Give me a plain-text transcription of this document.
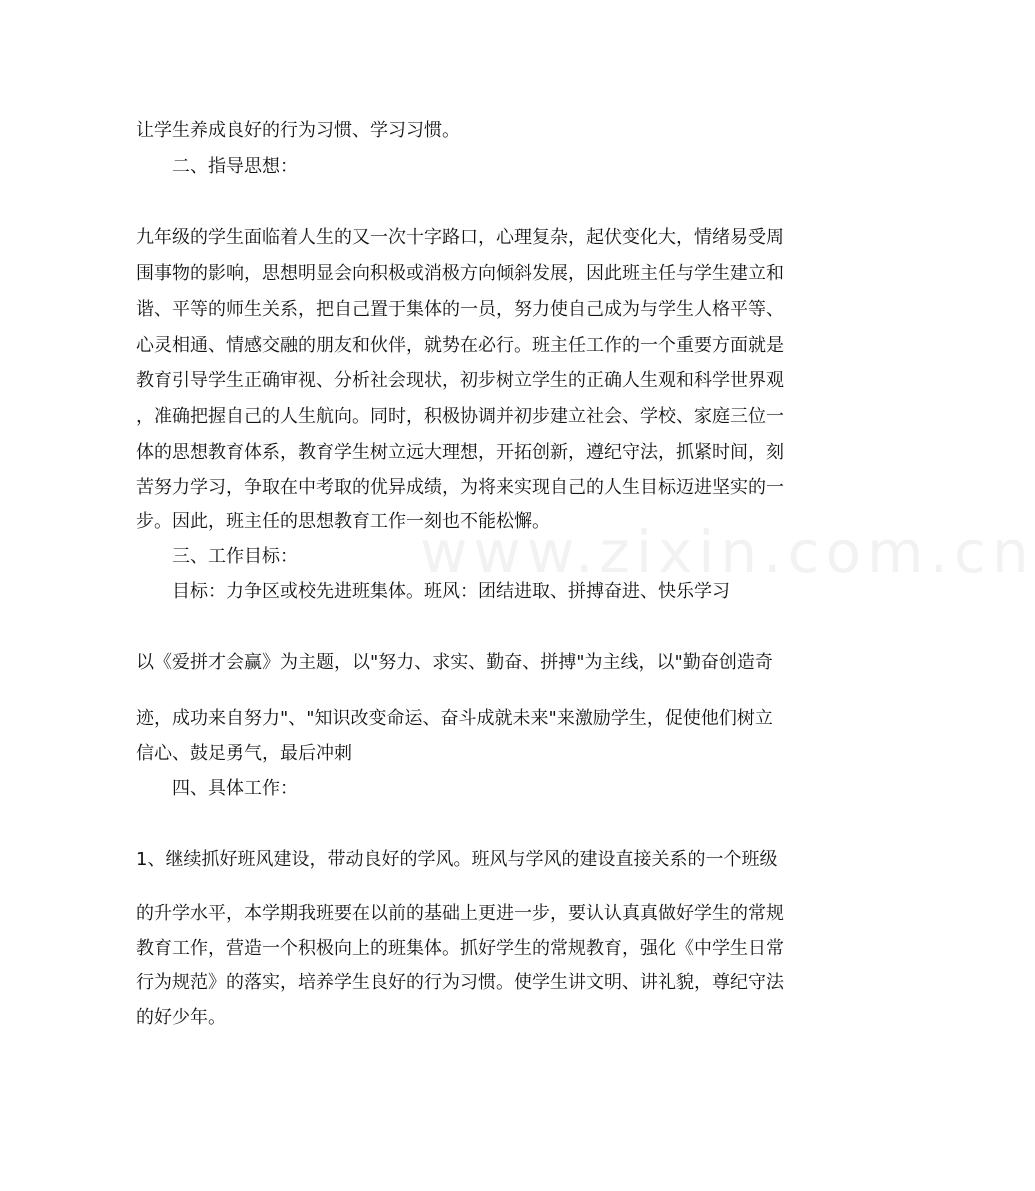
www.zixin.com.cn
让学生养成良好的行为习惯、学习习惯。
二、指导思想：
九年级的学生面临着人生的又一次十字路口，心理复杂，起伏变化大，情绪易受周
围事物的影响，思想明显会向积极或消极方向倾斜发展，因此班主任与学生建立和
谐、平等的师生关系，把自己置于集体的一员，努力使自己成为与学生人格平等、
心灵相通、情感交融的朋友和伙伴，就势在必行。班主任工作的一个重要方面就是
教育引导学生正确审视、分析社会现状，初步树立学生的正确人生观和科学世界观
，准确把握自己的人生航向。同时，积极协调并初步建立社会、学校、家庭三位一
体的思想教育体系，教育学生树立远大理想，开拓创新，遵纪守法，抓紧时间，刻
苦努力学习，争取在中考取的优异成绩，为将来实现自己的人生目标迈进坚实的一
步。因此，班主任的思想教育工作一刻也不能松懈。
三、工作目标：
目标：力争区或校先进班集体。班风：团结进取、拼搏奋进、快乐学习
以《爱拼才会赢》为主题，以"努力、求实、勤奋、拼搏"为主线，以"勤奋创造奇
迹，成功来自努力"、"知识改变命运、奋斗成就未来"来激励学生，促使他们树立
信心、鼓足勇气，最后冲刺
四、具体工作：
1、继续抓好班风建设，带动良好的学风。班风与学风的建设直接关系的一个班级
的升学水平，本学期我班要在以前的基础上更进一步，要认认真真做好学生的常规
教育工作，营造一个积极向上的班集体。抓好学生的常规教育，强化《中学生日常
行为规范》的落实，培养学生良好的行为习惯。使学生讲文明、讲礼貌，尊纪守法
的好少年。
